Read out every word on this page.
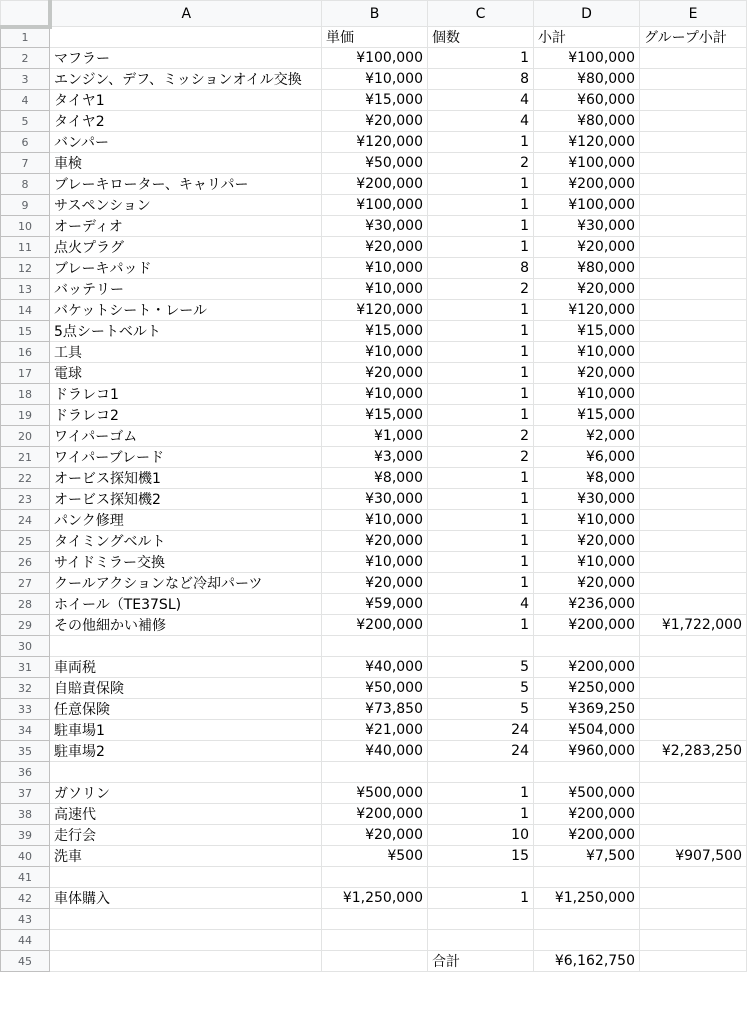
	A	B	C	D	E
1		単価	個数	小計	グループ小計
2	マフラー	¥100,000	1	¥100,000	
3	エンジン、デフ、ミッションオイル交換	¥10,000	8	¥80,000	
4	タイヤ1	¥15,000	4	¥60,000	
5	タイヤ2	¥20,000	4	¥80,000	
6	バンパー	¥120,000	1	¥120,000	
7	車検	¥50,000	2	¥100,000	
8	ブレーキローター、キャリパー	¥200,000	1	¥200,000	
9	サスペンション	¥100,000	1	¥100,000	
10	オーディオ	¥30,000	1	¥30,000	
11	点火プラグ	¥20,000	1	¥20,000	
12	ブレーキパッド	¥10,000	8	¥80,000	
13	バッテリー	¥10,000	2	¥20,000	
14	バケットシート・レール	¥120,000	1	¥120,000	
15	5点シートベルト	¥15,000	1	¥15,000	
16	工具	¥10,000	1	¥10,000	
17	電球	¥20,000	1	¥20,000	
18	ドラレコ1	¥10,000	1	¥10,000	
19	ドラレコ2	¥15,000	1	¥15,000	
20	ワイパーゴム	¥1,000	2	¥2,000	
21	ワイパーブレード	¥3,000	2	¥6,000	
22	オービス探知機1	¥8,000	1	¥8,000	
23	オービス探知機2	¥30,000	1	¥30,000	
24	パンク修理	¥10,000	1	¥10,000	
25	タイミングベルト	¥20,000	1	¥20,000	
26	サイドミラー交換	¥10,000	1	¥10,000	
27	クールアクションなど冷却パーツ	¥20,000	1	¥20,000	
28	ホイール（TE37SL)	¥59,000	4	¥236,000	
29	その他細かい補修	¥200,000	1	¥200,000	¥1,722,000
30					
31	車両税	¥40,000	5	¥200,000	
32	自賠責保険	¥50,000	5	¥250,000	
33	任意保険	¥73,850	5	¥369,250	
34	駐車場1	¥21,000	24	¥504,000	
35	駐車場2	¥40,000	24	¥960,000	¥2,283,250
36					
37	ガソリン	¥500,000	1	¥500,000	
38	高速代	¥200,000	1	¥200,000	
39	走行会	¥20,000	10	¥200,000	
40	洗車	¥500	15	¥7,500	¥907,500
41					
42	車体購入	¥1,250,000	1	¥1,250,000	
43					
44					
45			合計	¥6,162,750	
